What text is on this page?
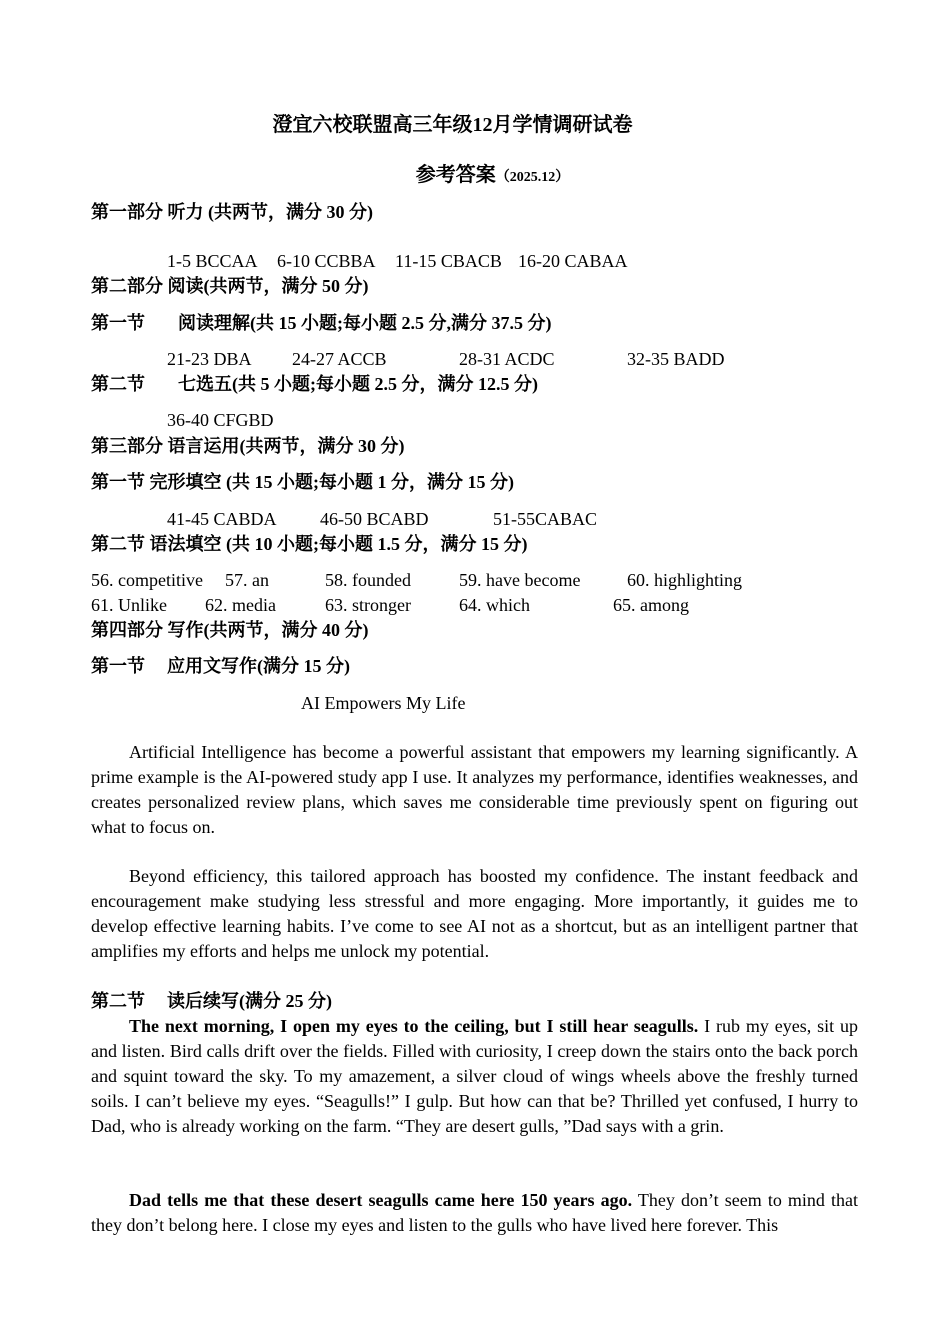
澄宜六校联盟高三年级12月学情调研试卷
参考答案（2025.12）
第一部分 听力 (共两节，满分 30 分)
1-5 BCCAA 6-10 CCBBA 11-15 CBACB 16-20 CABAA
第二部分 阅读(共两节，满分 50 分)
第一节 阅读理解(共 15 小题;每小题 2.5 分,满分 37.5 分)
21-23 DBA 24-27 ACCB	28-31 ACDC	32-35 BADD
第二节 七选五(共 5 小题;每小题 2.5 分，满分 12.5 分)
36-40 CFGBD
第三部分 语言运用(共两节，满分 30 分)
第一节 完形填空 (共 15 小题;每小题 1 分，满分 15 分)
41-45 CABDA 46-50 BCABD	51-55CABAC
第二节 语法填空 (共 10 小题;每小题 1.5 分，满分 15 分)
56. competitive 57. an	58. founded	59. have become	60. highlighting
61. Unlike 62. media	63. stronger	64. which	65. among
第四部分 写作(共两节，满分 40 分)
第一节 应用文写作(满分 15 分)
AI Empowers My Life
Artificial Intelligence has become a powerful assistant that empowers my learning significantly. A prime example is the AI-powered study app I use. It analyzes my performance, identifies weaknesses, and creates personalized review plans, which saves me considerable time previously spent on figuring out what to focus on.
Beyond efficiency, this tailored approach has boosted my confidence. The instant feedback and encouragement make studying less stressful and more engaging. More importantly, it guides me to develop effective learning habits. I’ve come to see AI not as a shortcut, but as an intelligent partner that amplifies my efforts and helps me unlock my potential.
第二节 读后续写(满分 25 分)
The next morning, I open my eyes to the ceiling, but I still hear seagulls. I rub my eyes, sit up and listen. Bird calls drift over the fields. Filled with curiosity, I creep down the stairs onto the back porch and squint toward the sky. To my amazement, a silver cloud of wings wheels above the freshly turned soils. I can’t believe my eyes. “Seagulls!” I gulp. But how can that be? Thrilled yet confused, I hurry to Dad, who is already working on the farm. “They are desert gulls, ”Dad says with a grin.
Dad tells me that these desert seagulls came here 150 years ago. They don’t seem to mind that they don’t belong here. I close my eyes and listen to the gulls who have lived here forever. This
